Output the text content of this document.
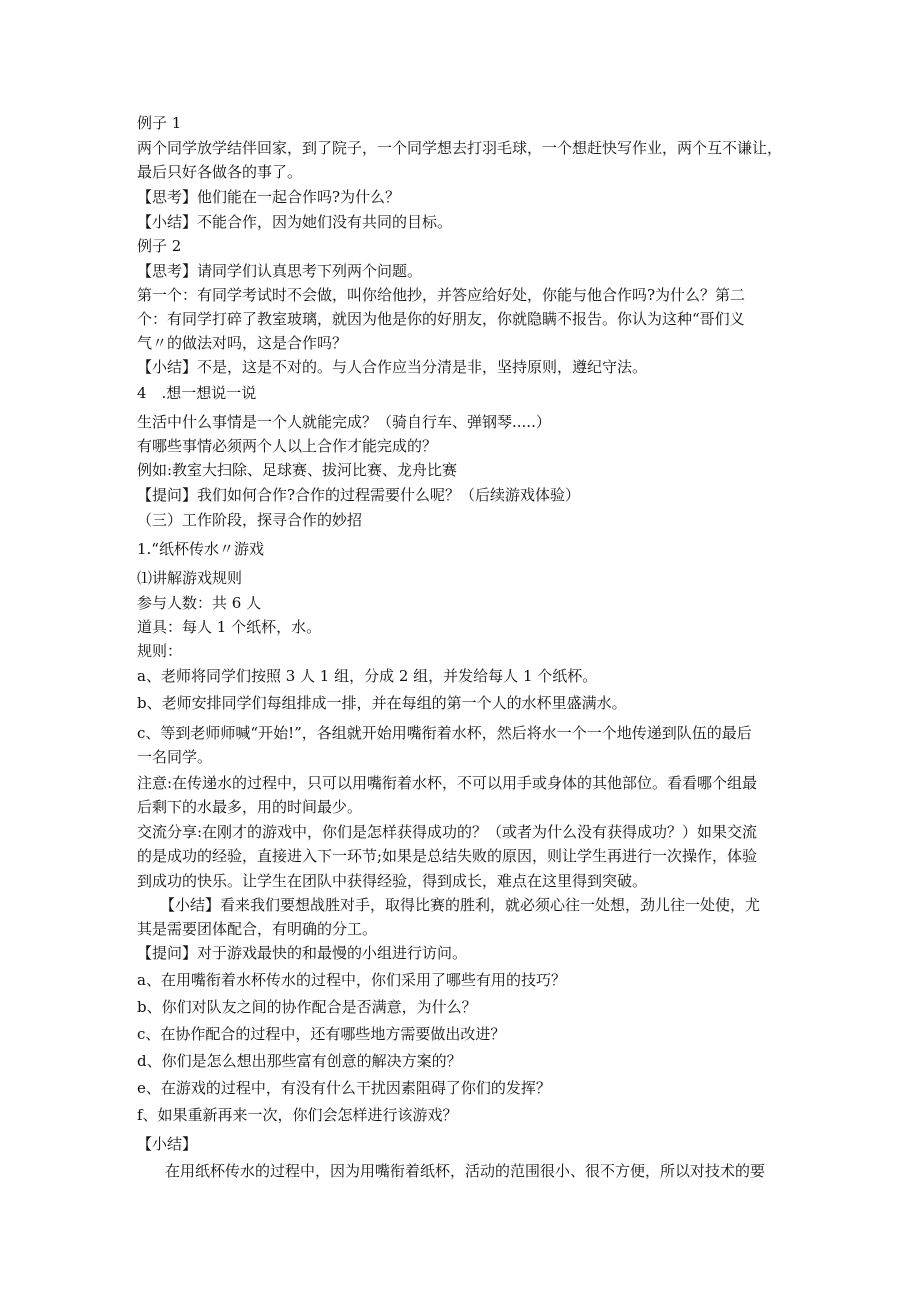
例子 1
两个同学放学结伴回家，到了院子，一个同学想去打羽毛球，一个想赶快写作业，两个互不谦让，
最后只好各做各的事了。
【思考】他们能在一起合作吗?为什么？
【小结】不能合作，因为她们没有共同的目标。
例子 2
【思考】请同学们认真思考下列两个问题。
第一个：有同学考试时不会做，叫你给他抄，并答应给好处，你能与他合作吗?为什么？第二
个：有同学打碎了教室玻璃，就因为他是你的好朋友，你就隐瞒不报告。你认为这种“哥们义
气〃的做法对吗，这是合作吗？
【小结】不是，这是不对的。与人合作应当分清是非，坚持原则，遵纪守法。
4　.想一想说一说
生活中什么事情是一个人就能完成？（骑自行车、弹钢琴.....）
有哪些事情必须两个人以上合作才能完成的？
例如:教室大扫除、足球赛、拔河比赛、龙舟比赛
【提问】我们如何合作?合作的过程需要什么呢？（后续游戏体验）
（三）工作阶段，探寻合作的妙招
1.“纸杯传水〃游戏
⑴讲解游戏规则
参与人数：共 6 人
道具：每人 1 个纸杯，水。
规则：
a、老师将同学们按照 3 人 1 组，分成 2 组，并发给每人 1 个纸杯。
b、老师安排同学们每组排成一排，并在每组的第一个人的水杯里盛满水。
c、等到老师师喊“开始!”，各组就开始用嘴衔着水杯，然后将水一个一个地传递到队伍的最后
一名同学。
注意:在传递水的过程中，只可以用嘴衔着水杯，不可以用手或身体的其他部位。看看哪个组最
后剩下的水最多，用的时间最少。
交流分享:在刚才的游戏中，你们是怎样获得成功的？（或者为什么没有获得成功？）如果交流
的是成功的经验，直接进入下一环节;如果是总结失败的原因，则让学生再进行一次操作，体验
到成功的快乐。让学生在团队中获得经验，得到成长，难点在这里得到突破。
【小结】看来我们要想战胜对手，取得比赛的胜利，就必须心往一处想，劲儿往一处使，尤
其是需要团体配合，有明确的分工。
【提问】对于游戏最快的和最慢的小组进行访问。
a、在用嘴衔着水杯传水的过程中，你们采用了哪些有用的技巧？
b、你们对队友之间的协作配合是否满意，为什么？
c、在协作配合的过程中，还有哪些地方需要做出改进？
d、你们是怎么想出那些富有创意的解决方案的？
e、在游戏的过程中，有没有什么干扰因素阻碍了你们的发挥？
f、如果重新再来一次，你们会怎样进行该游戏？
【小结】
在用纸杯传水的过程中，因为用嘴衔着纸杯，活动的范围很小、很不方便，所以对技术的要
